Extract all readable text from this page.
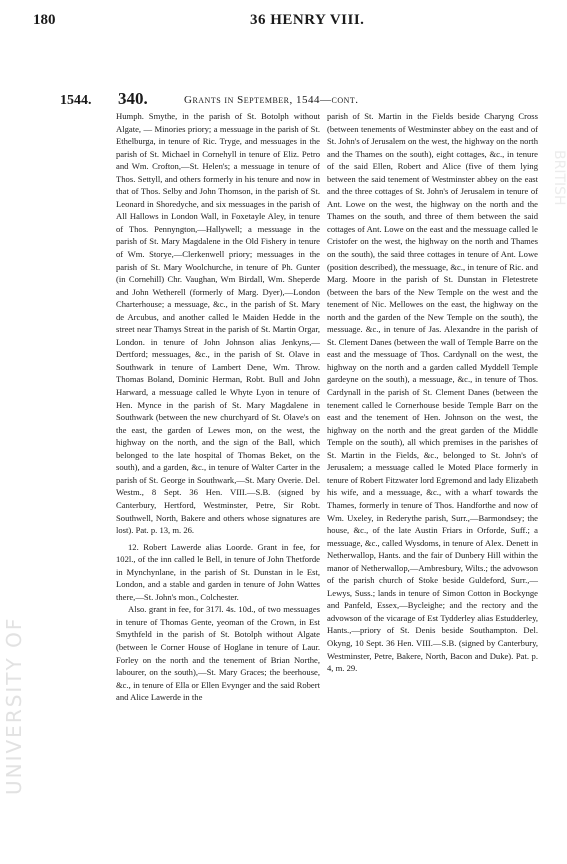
180	36 HENRY VIII.
1544. 340.	Grants in September, 1544—cont.

Humph. Smythe, in the parish of St. Botolph without Algate, — Minories priory; a messuage in the parish of St. Ethelburga, in tenure of Ric. Tryge, and messuages in the parish of St. Michael in Cornehyll in tenure of Eliz. Petro and Wm. Crofton,—St. Helen's; a messuage in tenure of Thos. Settyll, and others formerly in his tenure and now in that of Thos. Selby and John Thomson, in the parish of St. Leonard in Shoredyche, and six messuages in the parish of All Hallows in London Wall, in Foxetayle Aley, in tenure of Thos. Pennyngton,—Hallywell; a messuage in the parish of St. Mary Magdalene in the Old Fishery in tenure of Wm. Storye,—Clerkenwell priory; messuages in the parish of St. Mary Woolchurche, in tenure of Ph. Gunter (in Cornehill) Chr. Vaughan, Wm Birdall, Wm. Sheperde and John Wetherell (formerly of Marg. Dyer),—London Charterhouse; a messuage, &c., in the parish of St. Mary de Arcubus, and another called le Maiden Hedde in the street near Thamys Streat in the parish of St. Martin Orgar, London. in tenure of John Johnson alias Jenkyns,—Dertford; messuages, &c., in the parish of St. Olave in Southwark in tenure of Lambert Dene, Wm. Throw. Thomas Boland, Dominic Herman, Robt. Bull and John Harward, a messuage called le Whyte Lyon in tenure of Hen. Mynce in the parish of St. Mary Magdalene in Southwark (between the new churchyard of St. Olave's on the east, the garden of Lewes mon, on the west, the highway on the north, and the sign of the Ball, which belonged to the late hospital of Thomas Beket, on the south), and a garden, &c., in tenure of Walter Carter in the parish of St. George in Southwark,—St. Mary Overie. Del. Westm., 8 Sept. 36 Hen. VIII.—S.B. (signed by Canterbury, Hertford, Westminster, Petre, Sir Robt. Southwell, North, Bakere and others whose signatures are lost). Pat. p. 13, m. 26.

12. Robert Lawerde alias Loorde. Grant in fee, for 102l., of the inn called le Bell, in tenure of John Thetforde in Mynchynlane, in the parish of St. Dunstan in le Est, London, and a stable and garden in tenure of John Wattes there,—St. John's mon., Colchester.

Also. grant in fee, for 317l. 4s. 10d., of two messuages in tenure of Thomas Gente, yeoman of the Crown, in Est Smythfeld in the parish of St. Botolph without Algate (between le Corner House of Hoglane in tenure of Laur. Forley on the north and the tenement of Brian Northe, labourer, on the south),—St. Mary Graces; the beerhouse, &c., in tenure of Ella or Ellen Evynger and the said Robert and Alice Lawerde in the

parish of St. Martin in the Fields beside Charyng Cross (between tenements of Westminster abbey on the east and of St. John's of Jerusalem on the west, the highway on the north and the Thames on the south), eight cottages, &c., in tenure of the said Ellen, Robert and Alice (five of them lying between the said tenement of Westminster abbey on the east and the three cottages of St. John's of Jerusalem in tenure of Ant. Lowe on the west, the highway on the north and the Thames on the south, and three of them between the said cottages of Ant. Lowe on the east and the messuage called le Cristofer on the west, the highway on the north and Thames on the south), the said three cottages in tenure of Ant. Lowe (position described), the messuage, &c., in tenure of Ric. and Marg. Moore in the parish of St. Dunstan in Fletestrete (between the bars of the New Temple on the west and the tenement of Nic. Mellowes on the east, the highway on the north and the garden of the New Temple on the south), the messuage. &c., in tenure of Jas. Alexandre in the parish of St. Clement Danes (between the wall of Temple Barre on the east and the messuage of Thos. Cardynall on the west, the highway on the north and a garden called Myddell Temple gardeyne on the south), a messuage, &c., in tenure of Thos. Cardynall in the parish of St. Clement Danes (between the tenement called le Cornerhouse beside Temple Barr on the east and the tenement of Hen. Johnson on the west, the highway on the north and the great garden of the Middle Temple on the south), all which premises in the parishes of St. Martin in the Fields, &c., belonged to St. John's of Jerusalem; a messuage called le Moted Place formerly in tenure of Robert Fitzwater lord Egremond and lady Elizabeth his wife, and a messuage, &c., with a wharf towards the Thames, formerly in tenure of Thos. Handforthe and now of Wm. Uxeley, in Rederythe parish, Surr.,—Barmondsey; the house, &c., of the late Austin Friars in Orforde, Suff.; a messuage, &c., called Wysdoms, in tenure of Alex. Denett in Netherwallop, Hants. and the fair of Dunbery Hill within the manor of Netherwallop,—Ambresbury, Wilts.; the advowson of the parish church of Stoke beside Guldeford, Surr.,—Lewys, Suss.; lands in tenure of Simon Cotton in Bockynge and Panfeld, Essex,—Bycleighe; and the rectory and the advowson of the vicarage of Est Tydderley alias Estudderley, Hants.,—priory of St. Denis beside Southampton. Del. Okyng, 10 Sept. 36 Hen. VIII.—S.B. (signed by Canterbury, Westminster, Petre, Bakere, North, Bacon and Duke). Pat. p. 4, m. 29.

UNIVERSITY OF
BRITISH
